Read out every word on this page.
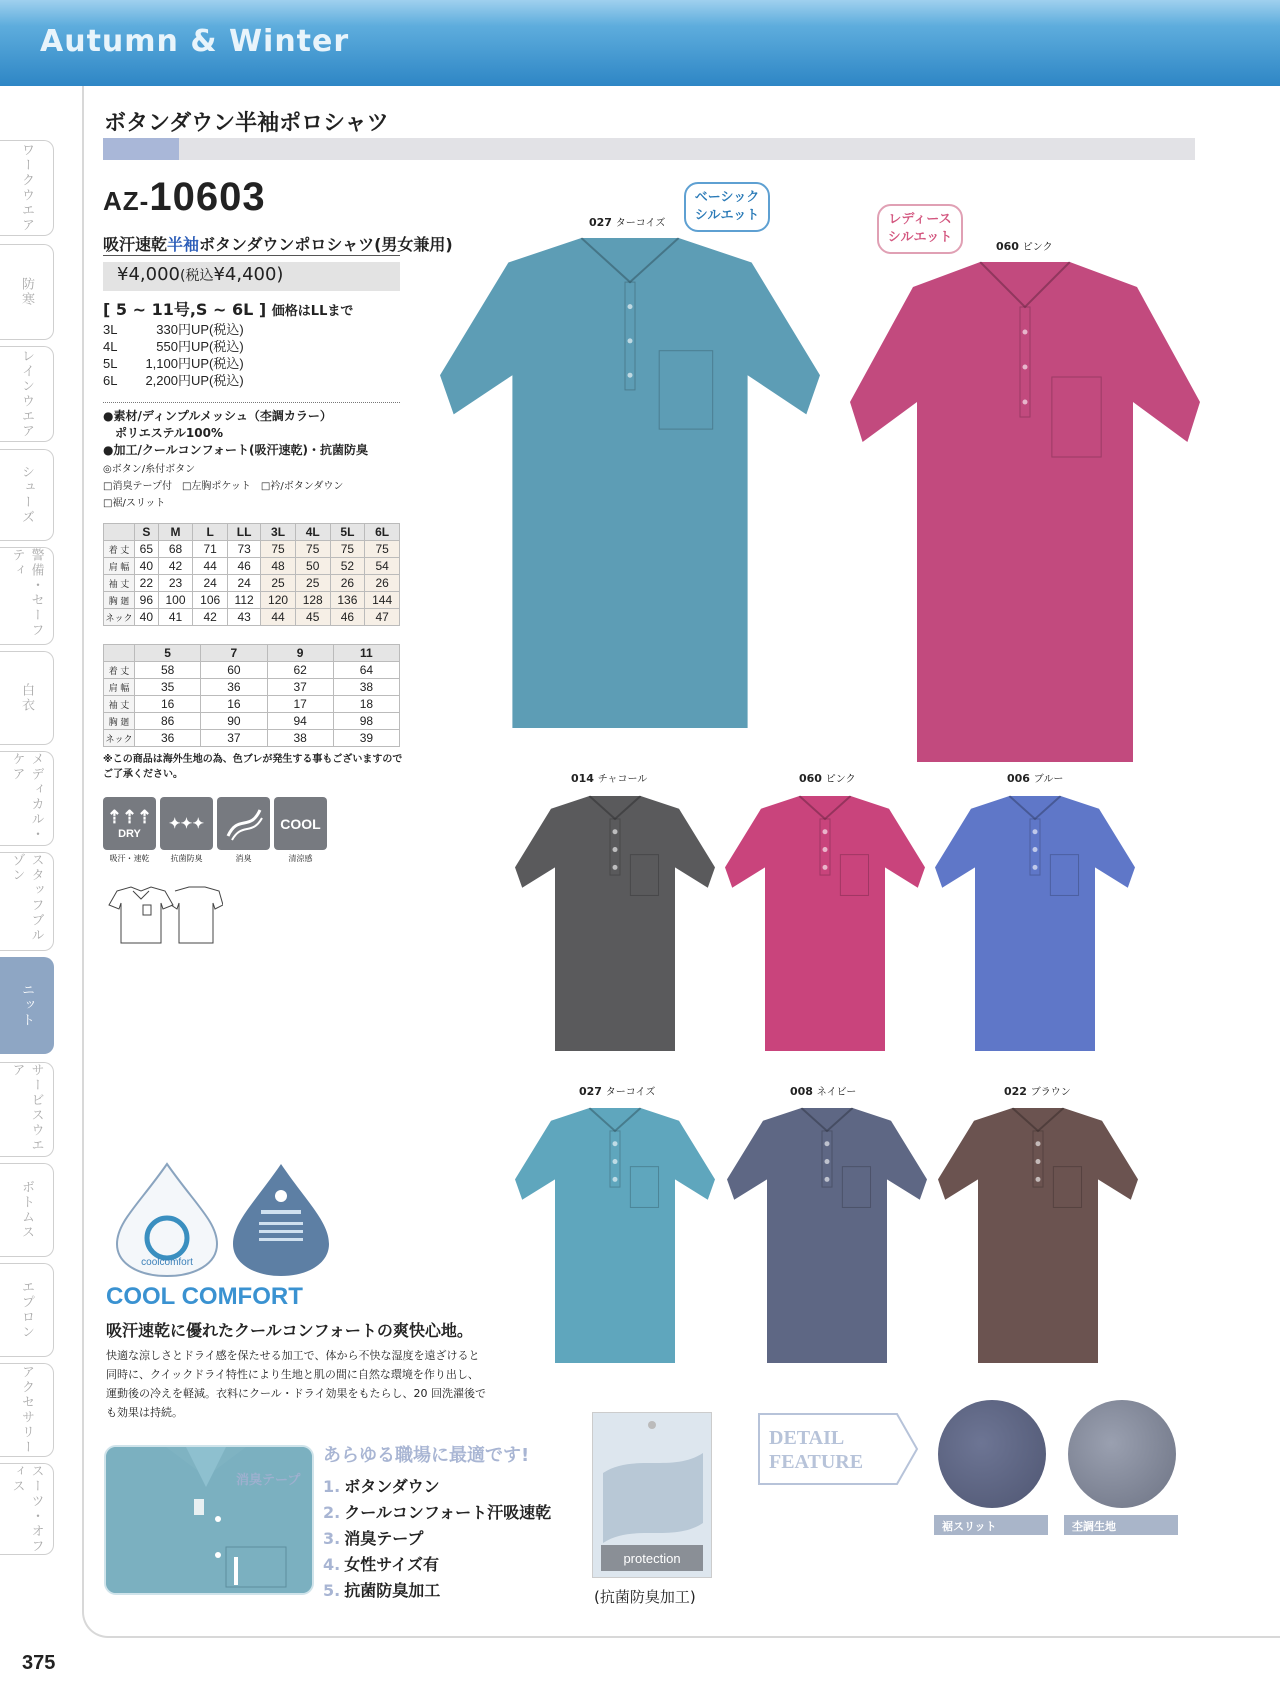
Autumn & Winter
ワークウエア
防寒
レインウエア
シューズ
警備・セーフティ
白衣
メディカル・ケア
スタッフブルゾン
ニット
サービスウエア
ボトムス
エプロン
アクセサリー
スーツ・オフィス
375
ボタンダウン半袖ポロシャツ
AZ-10603
吸汗速乾半袖ボタンダウンポロシャツ(男女兼用)
¥4,000(税込¥4,400)
[ 5 ~ 11号,S ~ 6L ] 価格はLLまで
3L	330円UP(税込)
4L	550円UP(税込)
5L 1,100円UP(税込)
6L 2,200円UP(税込)
●素材/ディンプルメッシュ（杢調カラー）
ポリエステル100%
●加工/クールコンフォート(吸汗速乾)・抗菌防臭
◎ボタン/糸付ボタン
□消臭テープ付　□左胸ポケット　□衿/ボタンダウン
□裾/スリット
	S	M	L	LL	3L	4L	5L	6L
着 丈	65	68	71	73	75	75	75	75
肩 幅	40	42	44	46	48	50	52	54
袖 丈	22	23	24	24	25	25	26	26
胸 廻	96	100	106	112	120	128	136	144
ネック	40	41	42	43	44	45	46	47
	5	7	9	11
着 丈	58	60	62	64
肩 幅	35	36	37	38
袖 丈	16	16	17	18
胸 廻	86	90	94	98
ネック	36	37	38	39
※この商品は海外生地の為、色ブレが発生する事もございますのでご了承ください。
⇡⇡⇡
DRY
吸汗・速乾
✦✦✦
抗菌防臭	消臭
COOL
清涼感
027 ターコイズ
060 ピンク
014 チャコール	060 ピンク	006 ブルー
027 ターコイズ	008 ネイビー	022 ブラウン
ベーシック
シルエット	レディース
シルエット
coolcomfort
COOL COMFORT
吸汗速乾に優れたクールコンフォートの爽快心地。
快適な涼しさとドライ感を保たせる加工で、体から不快な湿度を遠ざけると同時に、クイックドライ特性により生地と肌の間に自然な環境を作り出し、運動後の冷えを軽減。衣料にクール・ドライ効果をもたらし、20 回洗濯後でも効果は持続。
消臭テープ
あらゆる職場に最適です!
1. ボタンダウン
2. クールコンフォート汗吸速乾
3. 消臭テープ
4. 女性サイズ有
5. 抗菌防臭加工
protection
(抗菌防臭加工)
DETAIL
FEATURE
裾スリット	杢調生地
